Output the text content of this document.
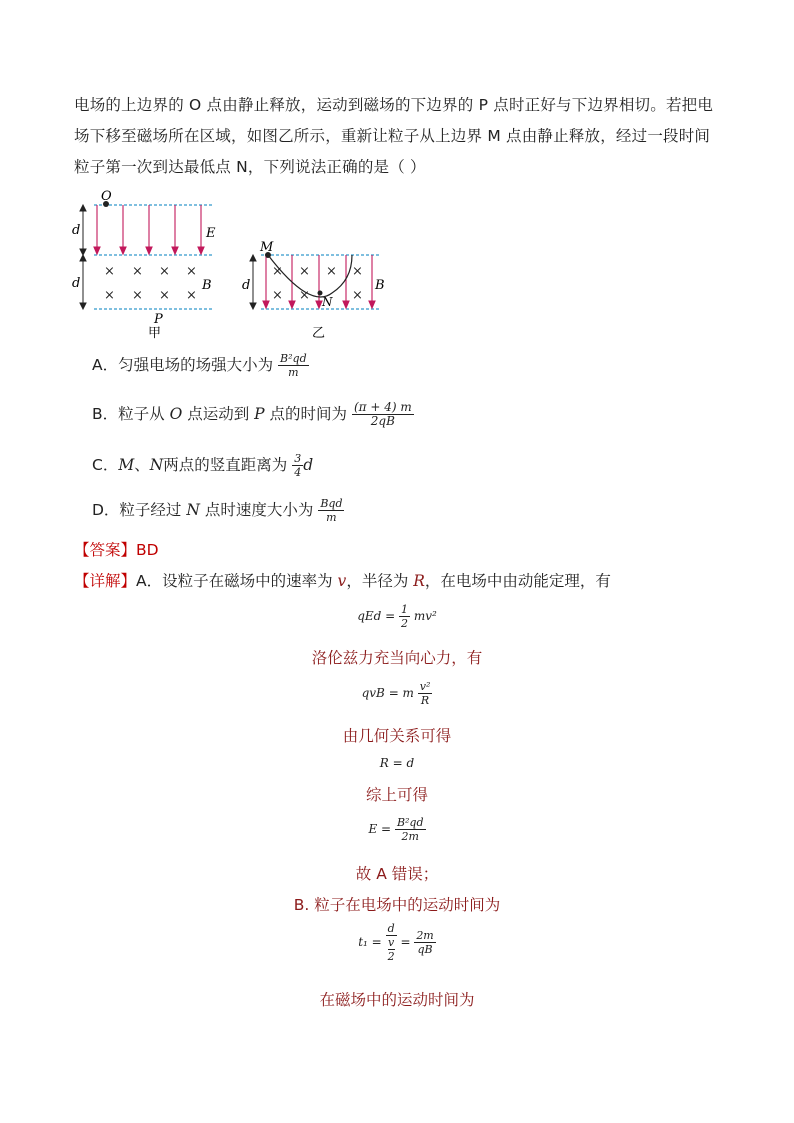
电场的上边界的 O 点由静止释放，运动到磁场的下边界的 P 点时正好与下边界相切。若把电
场下移至磁场所在区域，如图乙所示，重新让粒子从上边界 M 点由静止释放，经过一段时间
粒子第一次到达最低点 N，下列说法正确的是（ ）
O
d
d
E
B
P
× × × ×
× × × ×
甲
M
N
d	B
× × × ×
× ×	×
乙
A．匀强电场的场强大小为 $\frac{\text{B²qd}}{m}$
B．粒子从 O 点运动到 P 点的时间为 $\frac{(\pi + 4) m}{2qB}$
C．M、N两点的竖直距离为 $\frac{3}{4}$ d
D．粒子经过 N 点时速度大小为 $\frac{\text{Bqd}}{m}$
【答案】BD
【详解】A．设粒子在磁场中的速率为 v，半径为 R，在电场中由动能定理，有
qEd = $\frac{1}{2} mv^2$
洛伦兹力充当向心力，有
qvB = m $\frac{\text{v²}}{R}$
由几何关系可得
R = d
综上可得
$E = \frac{\text{B²qd}}{2m}$
故 A 错误；
B. 粒子在电场中的运动时间为
t₁ = d
v
$2 = \frac{2m}{qB}$
在磁场中的运动时间为
